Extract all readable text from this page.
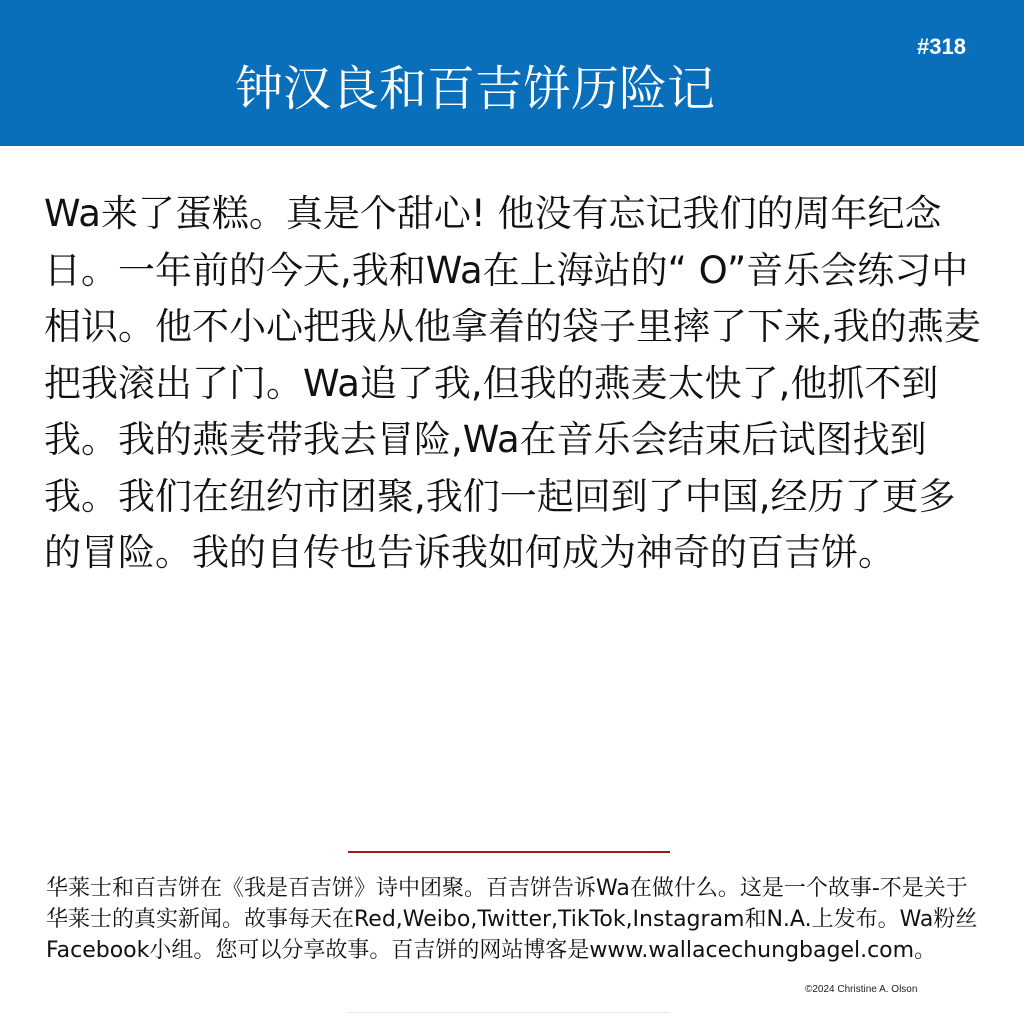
钟汉良和百吉饼历险记
#318
Wa来了蛋糕。真是个甜心! 他没有忘记我们的周年纪念日。一年前的今天,我和Wa在上海站的“ O”音乐会练习中相识。他不小心把我从他拿着的袋子里摔了下来,我的燕麦把我滚出了门。Wa追了我,但我的燕麦太快了,他抓不到我。我的燕麦带我去冒险,Wa在音乐会结束后试图找到我。我们在纽约市团聚,我们一起回到了中国,经历了更多的冒险。我的自传也告诉我如何成为神奇的百吉饼。
华莱士和百吉饼在《我是百吉饼》诗中团聚。百吉饼告诉Wa在做什么。这是一个故事-不是关于华莱士的真实新闻。故事每天在Red,Weibo,Twitter,TikTok,Instagram和N.A.上发布。Wa粉丝Facebook小组。您可以分享故事。百吉饼的网站博客是www.wallacechungbagel.com。
©2024 Christine A. Olson
